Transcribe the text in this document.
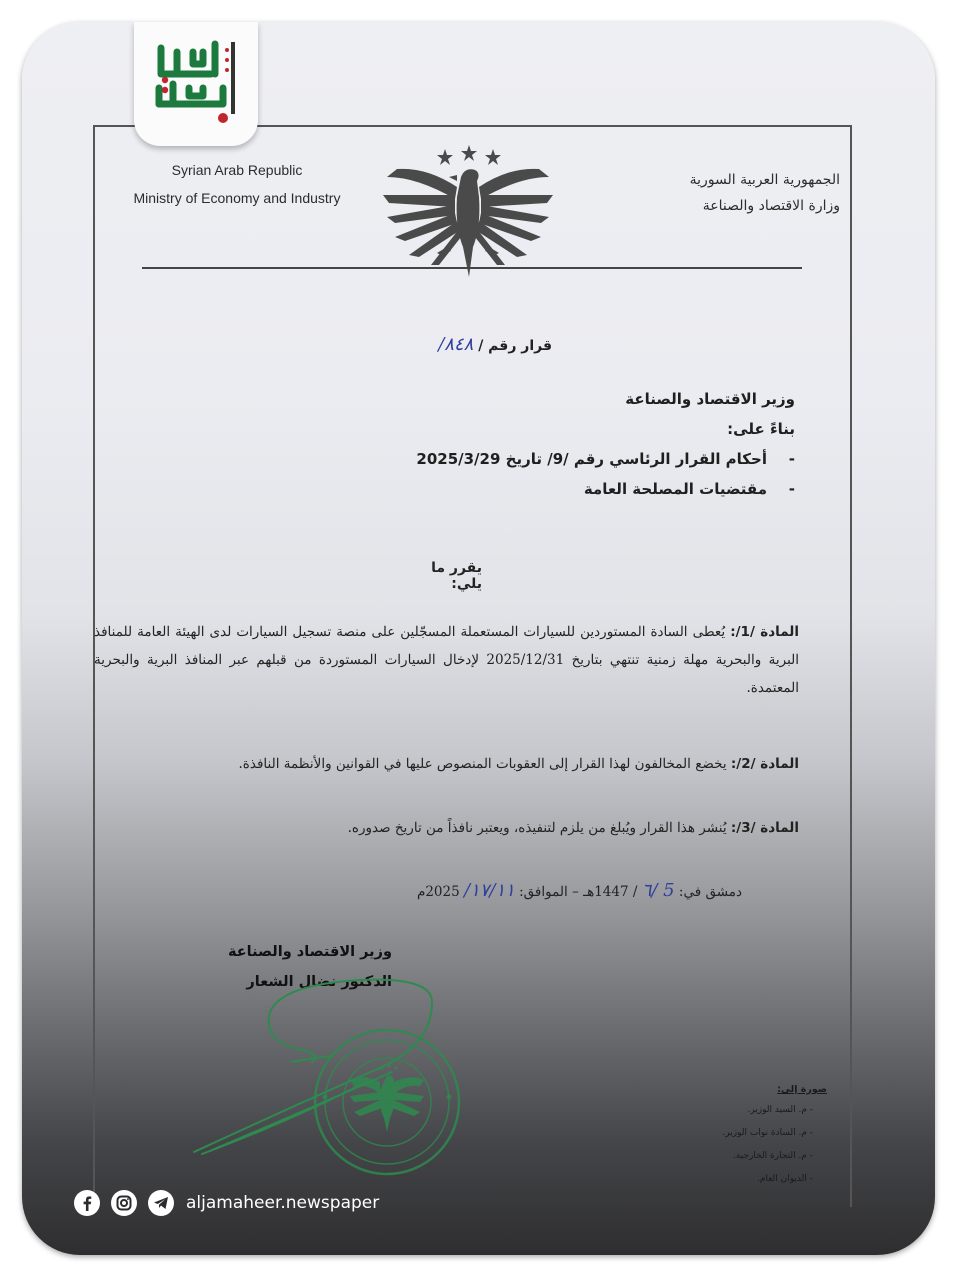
Syrian Arab Republic
Ministry of Economy and Industry
الجمهورية العربية السورية
وزارة الاقتصاد والصناعة
قرار رقم / ٨٤٨/
وزير الاقتصاد والصناعة
بناءً على:
-أحكام القرار الرئاسي رقم /9/ تاريخ 2025/3/29
-مقتضيات المصلحة العامة
يقرر ما يلي:
المادة /1/: يُعطى السادة المستوردين للسيارات المستعملة المسجّلين على منصة تسجيل السيارات لدى الهيئة العامة للمنافذ البرية والبحرية مهلة زمنية تنتهي بتاريخ 2025/12/31 لإدخال السيارات المستوردة من قبلهم عبر المنافذ البرية والبحرية المعتمدة.
المادة /2/: يخضع المخالفون لهذا القرار إلى العقوبات المنصوص عليها في القوانين والأنظمة النافذة.
المادة /3/: يُنشر هذا القرار ويُبلغ من يلزم لتنفيذه، ويعتبر نافذاً من تاريخ صدوره.
دمشق في: 5 /٦ / 1447هـ – الموافق: ١٧/١١/ 2025م
وزير الاقتصاد والصناعة
الدكتور نضال الشعار
صورة إلى:
- م. السيد الوزير.
- م. السادة نواب الوزير.
- م. التجارة الخارجية.
- الديوان العام.
aljamaheer.newspaper
